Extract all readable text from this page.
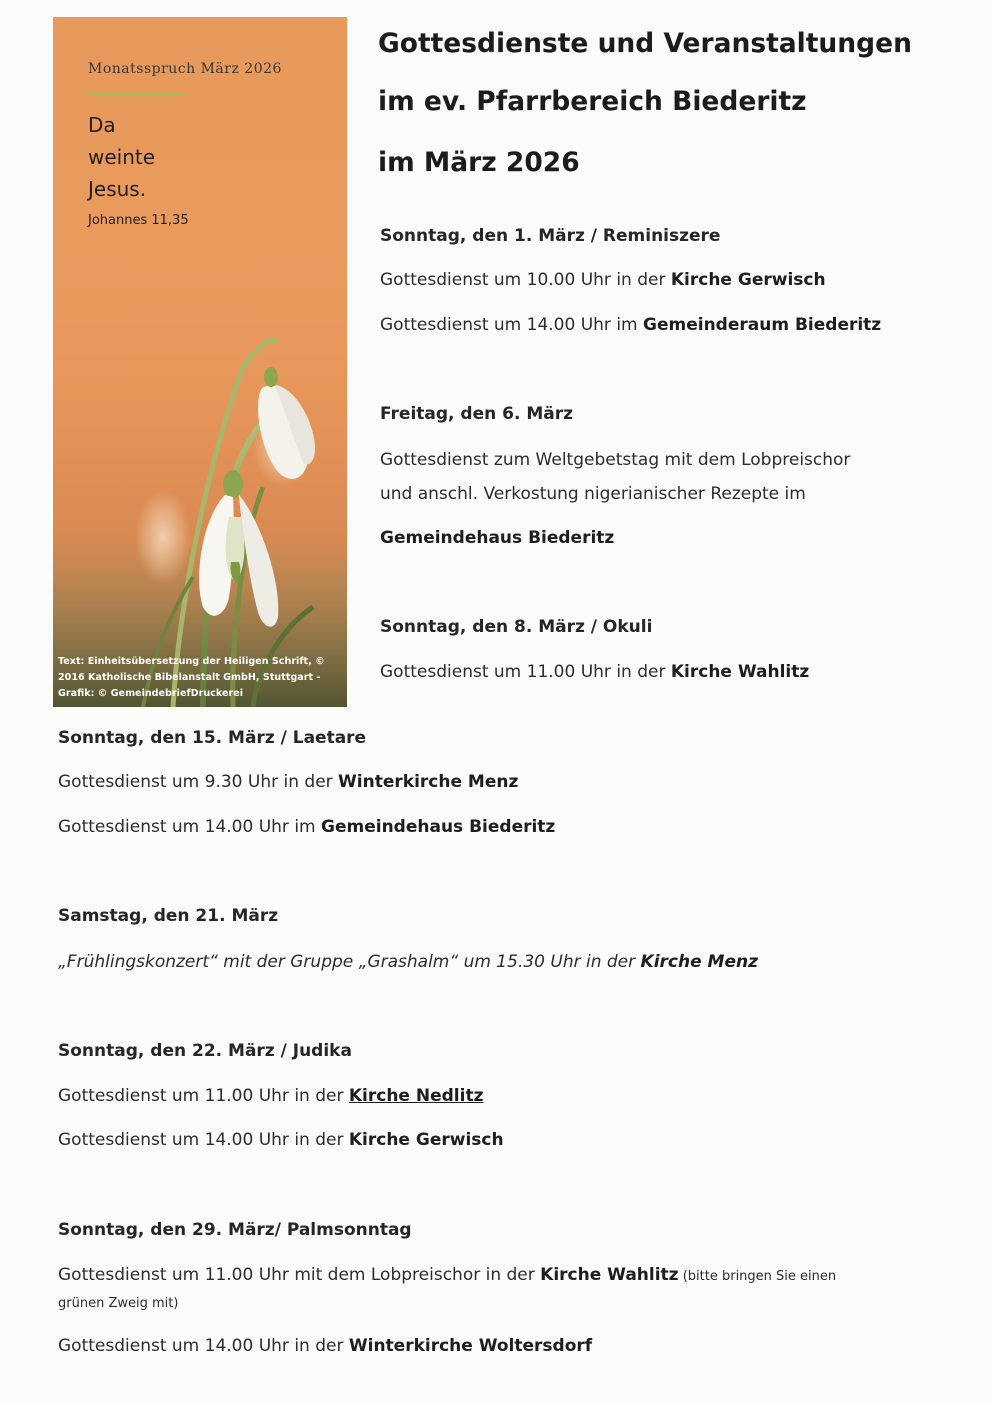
Monatsspruch März 2026
Da
weinte
Jesus.
Johannes 11,35
Text: Einheitsübersetzung der Heiligen Schrift, ©
2016 Katholische Bibelanstalt GmbH, Stuttgart -
Grafik: © GemeindebriefDruckerei
Gottesdienste und Veranstaltungen
im ev. Pfarrbereich Biederitz
im März 2026
Sonntag, den 1. März / Reminiszere
Gottesdienst um 10.00 Uhr in der Kirche Gerwisch
Gottesdienst um 14.00 Uhr im Gemeinderaum Biederitz
Freitag, den 6. März
Gottesdienst zum Weltgebetstag mit dem Lobpreischor
und anschl. Verkostung nigerianischer Rezepte im
Gemeindehaus Biederitz
Sonntag, den 8. März / Okuli
Gottesdienst um 11.00 Uhr in der Kirche Wahlitz
Sonntag, den 15. März / Laetare
Gottesdienst um 9.30 Uhr in der Winterkirche Menz
Gottesdienst um 14.00 Uhr im Gemeindehaus Biederitz
Samstag, den 21. März
„Frühlingskonzert“ mit der Gruppe „Grashalm“ um 15.30 Uhr in der Kirche Menz
Sonntag, den 22. März / Judika
Gottesdienst um 11.00 Uhr in der Kirche Nedlitz
Gottesdienst um 14.00 Uhr in der Kirche Gerwisch
Sonntag, den 29. März/ Palmsonntag
Gottesdienst um 11.00 Uhr mit dem Lobpreischor in der Kirche Wahlitz (bitte bringen Sie einen
grünen Zweig mit)
Gottesdienst um 14.00 Uhr in der Winterkirche Woltersdorf
